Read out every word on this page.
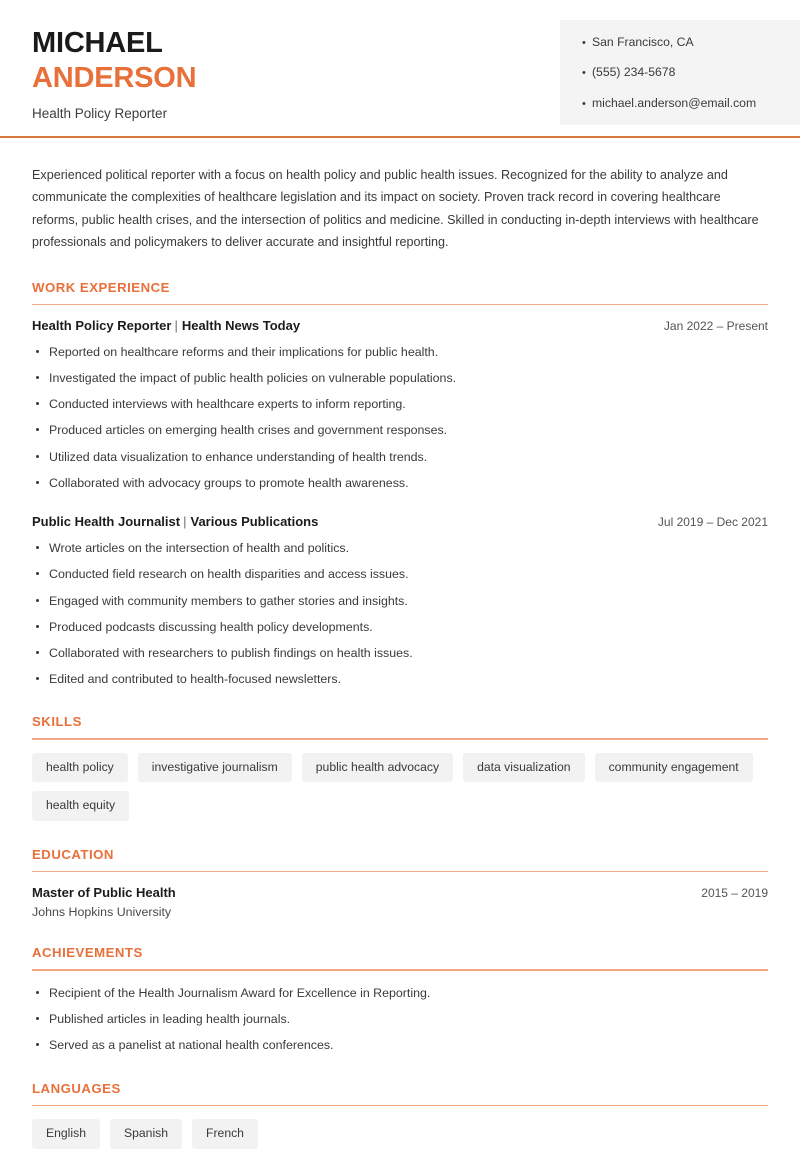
MICHAEL
ANDERSON
Health Policy Reporter
• San Francisco, CA
• (555) 234-5678
• michael.anderson@email.com
Experienced political reporter with a focus on health policy and public health issues. Recognized for the ability to analyze and communicate the complexities of healthcare legislation and its impact on society. Proven track record in covering healthcare reforms, public health crises, and the intersection of politics and medicine. Skilled in conducting in-depth interviews with healthcare professionals and policymakers to deliver accurate and insightful reporting.
WORK EXPERIENCE
Health Policy Reporter | Health News Today	Jan 2022 – Present
Reported on healthcare reforms and their implications for public health.
Investigated the impact of public health policies on vulnerable populations.
Conducted interviews with healthcare experts to inform reporting.
Produced articles on emerging health crises and government responses.
Utilized data visualization to enhance understanding of health trends.
Collaborated with advocacy groups to promote health awareness.
Public Health Journalist | Various Publications	Jul 2019 – Dec 2021
Wrote articles on the intersection of health and politics.
Conducted field research on health disparities and access issues.
Engaged with community members to gather stories and insights.
Produced podcasts discussing health policy developments.
Collaborated with researchers to publish findings on health issues.
Edited and contributed to health-focused newsletters.
SKILLS
health policy	investigative journalism	public health advocacy	data visualization	community engagement
health equity
EDUCATION
Master of Public Health	2015 – 2019
Johns Hopkins University
ACHIEVEMENTS
Recipient of the Health Journalism Award for Excellence in Reporting.
Published articles in leading health journals.
Served as a panelist at national health conferences.
LANGUAGES
English	Spanish	French
